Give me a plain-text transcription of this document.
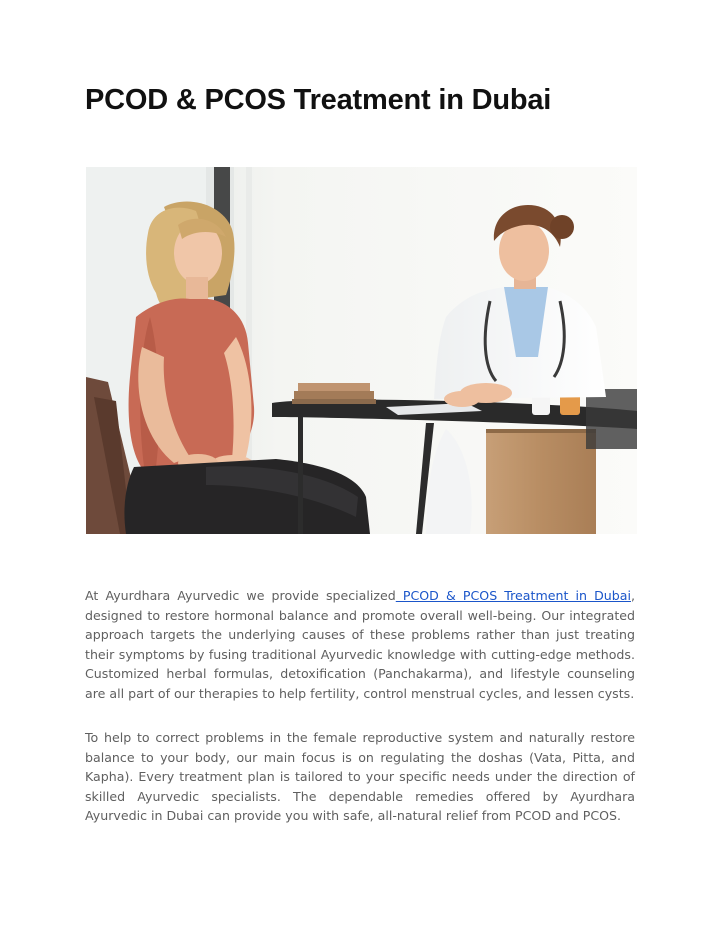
PCOD & PCOS Treatment in Dubai

At Ayurdhara Ayurvedic we provide specialized PCOD & PCOS Treatment in Dubai, designed to restore hormonal balance and promote overall well-being. Our integrated approach targets the underlying causes of these problems rather than just treating their symptoms by fusing traditional Ayurvedic knowledge with cutting-edge methods. Customized herbal formulas, detoxification (Panchakarma), and lifestyle counseling are all part of our therapies to help fertility, control menstrual cycles, and lessen cysts.

To help to correct problems in the female reproductive system and naturally restore balance to your body, our main focus is on regulating the doshas (Vata, Pitta, and Kapha). Every treatment plan is tailored to your specific needs under the direction of skilled Ayurvedic specialists. The dependable remedies offered by Ayurdhara Ayurvedic in Dubai can provide you with safe, all-natural relief from PCOD and PCOS.
